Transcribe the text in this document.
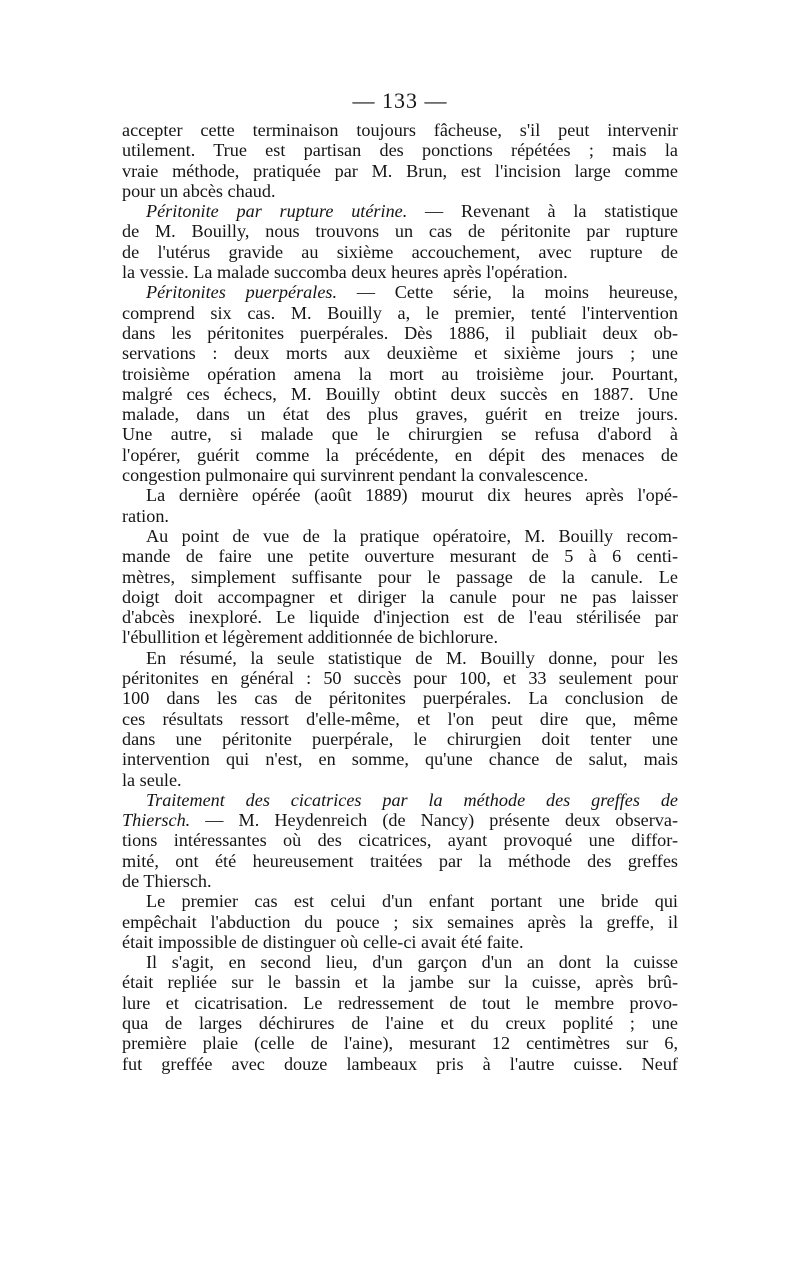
— 133 —
accepter cette terminaison toujours fâcheuse, s'il peut intervenir
utilement. True est partisan des ponctions répétées ; mais la
vraie méthode, pratiquée par M. Brun, est l'incision large comme
pour un abcès chaud.
Péritonite par rupture utérine. — Revenant à la statistique
de M. Bouilly, nous trouvons un cas de péritonite par rupture
de l'utérus gravide au sixième accouchement, avec rupture de
la vessie. La malade succomba deux heures après l'opération.
Péritonites puerpérales. — Cette série, la moins heureuse,
comprend six cas. M. Bouilly a, le premier, tenté l'intervention
dans les péritonites puerpérales. Dès 1886, il publiait deux ob-
servations : deux morts aux deuxième et sixième jours ; une
troisième opération amena la mort au troisième jour. Pourtant,
malgré ces échecs, M. Bouilly obtint deux succès en 1887. Une
malade, dans un état des plus graves, guérit en treize jours.
Une autre, si malade que le chirurgien se refusa d'abord à
l'opérer, guérit comme la précédente, en dépit des menaces de
congestion pulmonaire qui survinrent pendant la convalescence.
La dernière opérée (août 1889) mourut dix heures après l'opé-
ration.
Au point de vue de la pratique opératoire, M. Bouilly recom-
mande de faire une petite ouverture mesurant de 5 à 6 centi-
mètres, simplement suffisante pour le passage de la canule. Le
doigt doit accompagner et diriger la canule pour ne pas laisser
d'abcès inexploré. Le liquide d'injection est de l'eau stérilisée par
l'ébullition et légèrement additionnée de bichlorure.
En résumé, la seule statistique de M. Bouilly donne, pour les
péritonites en général : 50 succès pour 100, et 33 seulement pour
100 dans les cas de péritonites puerpérales. La conclusion de
ces résultats ressort d'elle-même, et l'on peut dire que, même
dans une péritonite puerpérale, le chirurgien doit tenter une
intervention qui n'est, en somme, qu'une chance de salut, mais
la seule.
Traitement des cicatrices par la méthode des greffes de
Thiersch. — M. Heydenreich (de Nancy) présente deux observa-
tions intéressantes où des cicatrices, ayant provoqué une diffor-
mité, ont été heureusement traitées par la méthode des greffes
de Thiersch.
Le premier cas est celui d'un enfant portant une bride qui
empêchait l'abduction du pouce ; six semaines après la greffe, il
était impossible de distinguer où celle-ci avait été faite.
Il s'agit, en second lieu, d'un garçon d'un an dont la cuisse
était repliée sur le bassin et la jambe sur la cuisse, après brû-
lure et cicatrisation. Le redressement de tout le membre provo-
qua de larges déchirures de l'aine et du creux poplité ; une
première plaie (celle de l'aine), mesurant 12 centimètres sur 6,
fut greffée avec douze lambeaux pris à l'autre cuisse. Neuf
